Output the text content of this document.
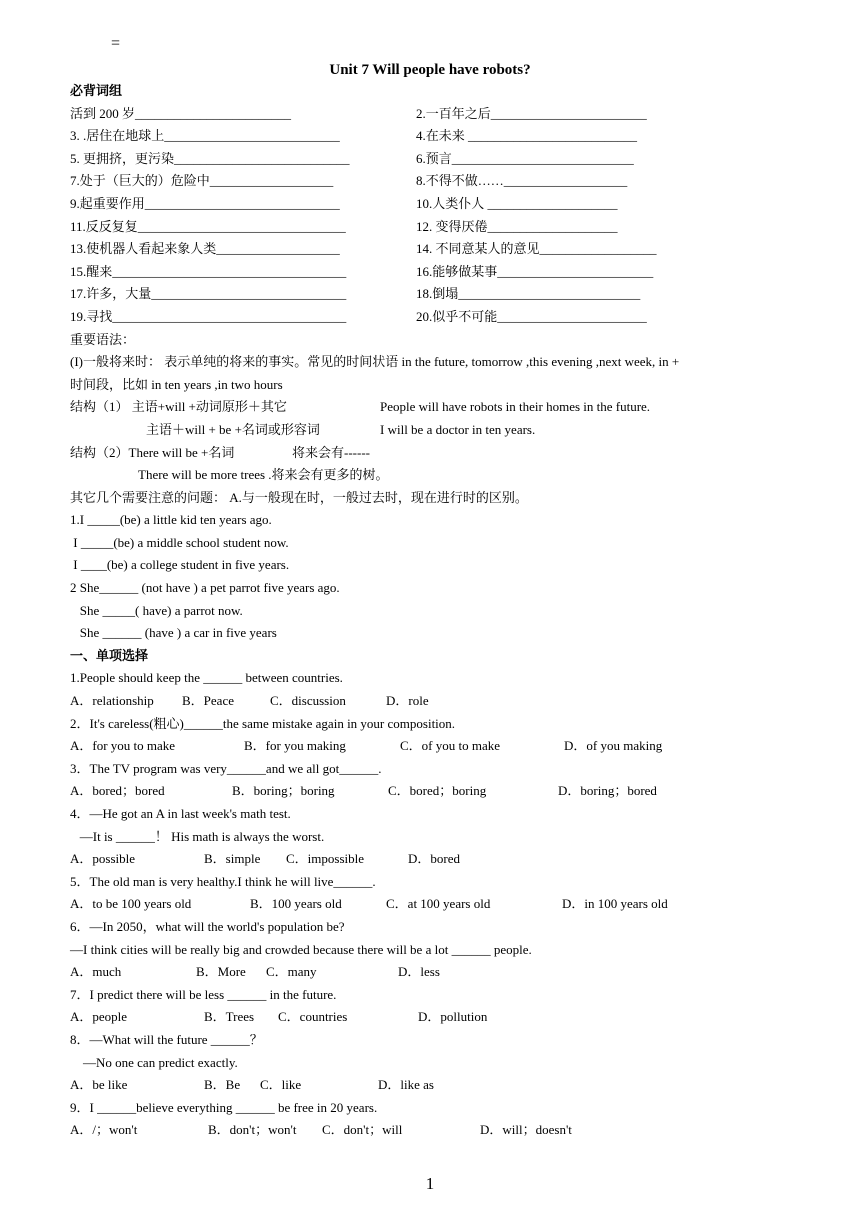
=
Unit 7 Will people have robots?
必背词组
活到 200 岁________________________	2.一百年之后________________________
3. .居住在地球上___________________________	4.在未来 __________________________
5. 更拥挤，更污染___________________________	6.预言____________________________
7.处于（巨大的）危险中___________________	8.不得不做……___________________
9.起重要作用______________________________	10.人类仆人 ____________________
11.反反复复________________________________	12. 变得厌倦____________________
13.使机器人看起来象人类___________________	14. 不同意某人的意见__________________
15.醒来____________________________________	16.能够做某事________________________
17.许多，大量______________________________	18.倒塌____________________________
19.寻找____________________________________	20.似乎不可能_______________________
重要语法：
(I)一般将来时： 表示单纯的将来的事实。常见的时间状语 in the future, tomorrow ,this evening ,next week, in +
时间段，比如 in ten years ,in two hours
结构（1） 主语+will +动词原形＋其它	People will have robots in their homes in the future.
主语＋will + be +名词或形容词	I will be a doctor in ten years.
结构（2）There will be +名词	将来会有------
There will be more trees .将来会有更多的树。
其它几个需要注意的问题： A.与一般现在时，一般过去时，现在进行时的区别。
1.I _____(be) a little kid ten years ago.
I _____(be) a middle school student now.
I ____(be) a college student in five years.
2 She______ (not have ) a pet parrot five years ago.
She _____( have) a parrot now.
She ______ (have ) a car in five years
一、单项选择
1.People should keep the ______ between countries.
A．relationship B．Peace	C．discussion	D．role
2．It's careless(粗心)______the same mistake again in your composition.
A．for you to make	B．for you making	C．of you to make	D．of you making
3．The TV program was very______and we all got______.
A．bored；bored	B．boring；boring	C．bored；boring	D．boring；bored
4．—He got an A in last week's math test.
—It is ______！ His math is always the worst.
A．possible	B．simple C．impossible	D．bored
5．The old man is very healthy.I think he will live______.
A．to be 100 years old	B．100 years old	C．at 100 years old	D．in 100 years old
6．—In 2050，what will the world's population be?
—I think cities will be really big and crowded because there will be a lot ______ people.
A．much	B．More C．many	D．less
7．I predict there will be less ______ in the future.
A．people	B．Trees C．countries	D．pollution
8．—What will the future ______？
—No one can predict exactly.
A．be like	B．Be C．like	D．like as
9．I ______believe everything ______ be free in 20 years.
A．/；won't	B．don't；won't C．don't；will	D．will；doesn't
1
